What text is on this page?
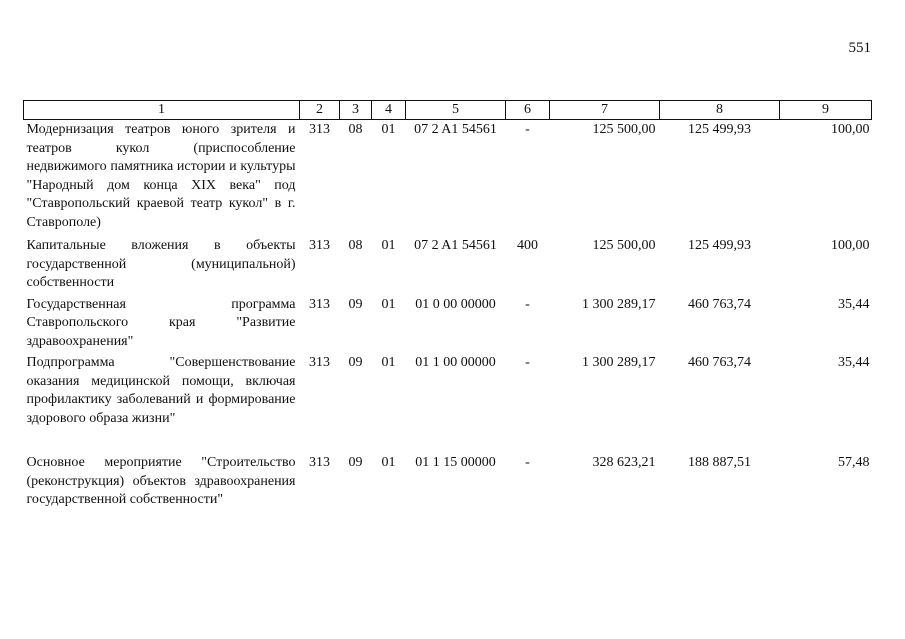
551
1	2	3	4	5	6	7	8	9
Модернизация театров юного зрителя и театров кукол (приспособление недвижимого памятника истории и культуры "Народный дом конца XIX века" под "Ставропольский краевой театр кукол" в г. Ставрополе)	313	08	01	07 2 A1 54561	-	125 500,00	125 499,93	100,00
Капитальные вложения в объекты государственной (муниципальной) собственности	313	08	01	07 2 A1 54561	400	125 500,00	125 499,93	100,00
Государственная программа Ставропольского края "Развитие здравоохранения"	313	09	01	01 0 00 00000	-	1 300 289,17	460 763,74	35,44
Подпрограмма "Совершенствование оказания медицинской помощи, включая профилактику заболеваний и формирование здорового образа жизни"	313	09	01	01 1 00 00000	-	1 300 289,17	460 763,74	35,44
Основное мероприятие "Строительство (реконструкция) объектов здравоохранения государственной собственности"	313	09	01	01 1 15 00000	-	328 623,21	188 887,51	57,48
